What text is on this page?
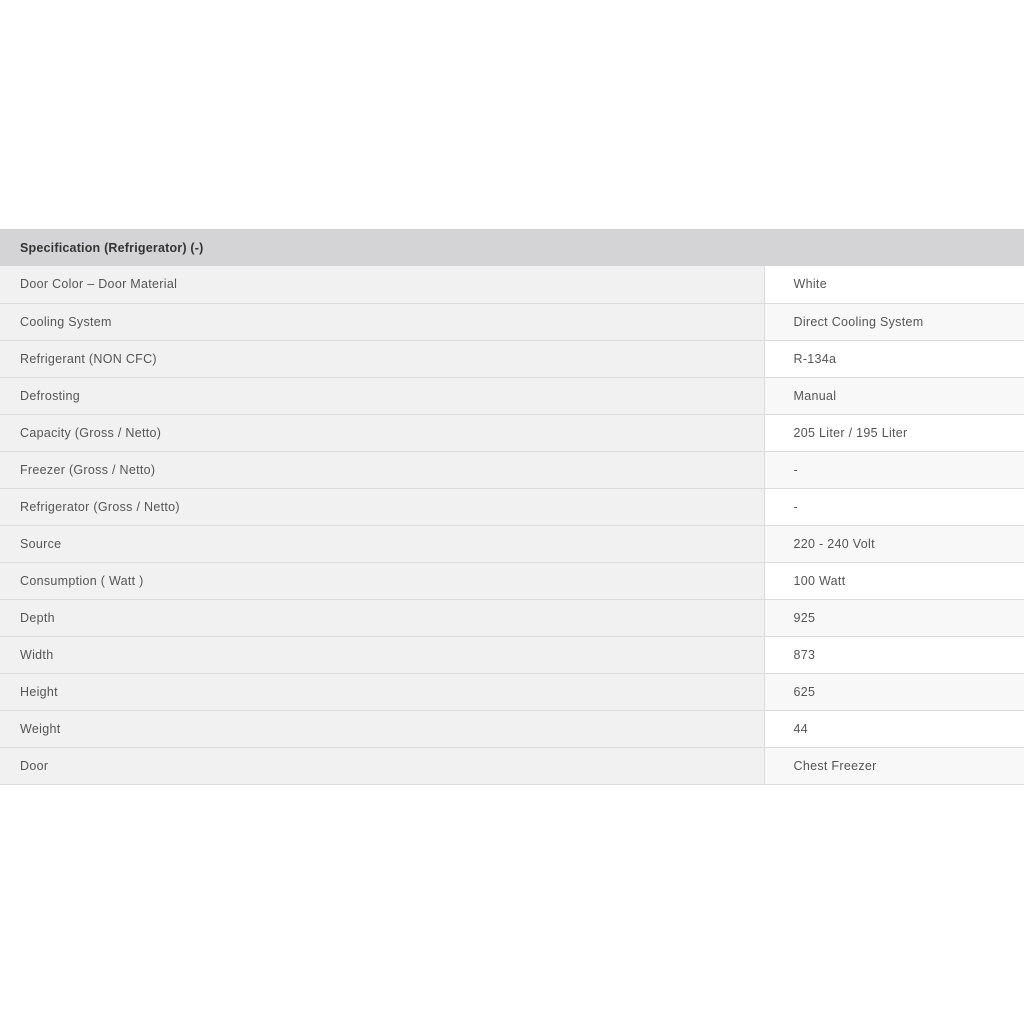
Specification (Refrigerator) (-)	
Door Color – Door Material	White
Cooling System	Direct Cooling System
Refrigerant (NON CFC)	R-134a
Defrosting	Manual
Capacity (Gross / Netto)	205 Liter / 195 Liter
Freezer (Gross / Netto)	-
Refrigerator (Gross / Netto)	-
Source	220 - 240 Volt
Consumption ( Watt )	100 Watt
Depth	925
Width	873
Height	625
Weight	44
Door	Chest Freezer
